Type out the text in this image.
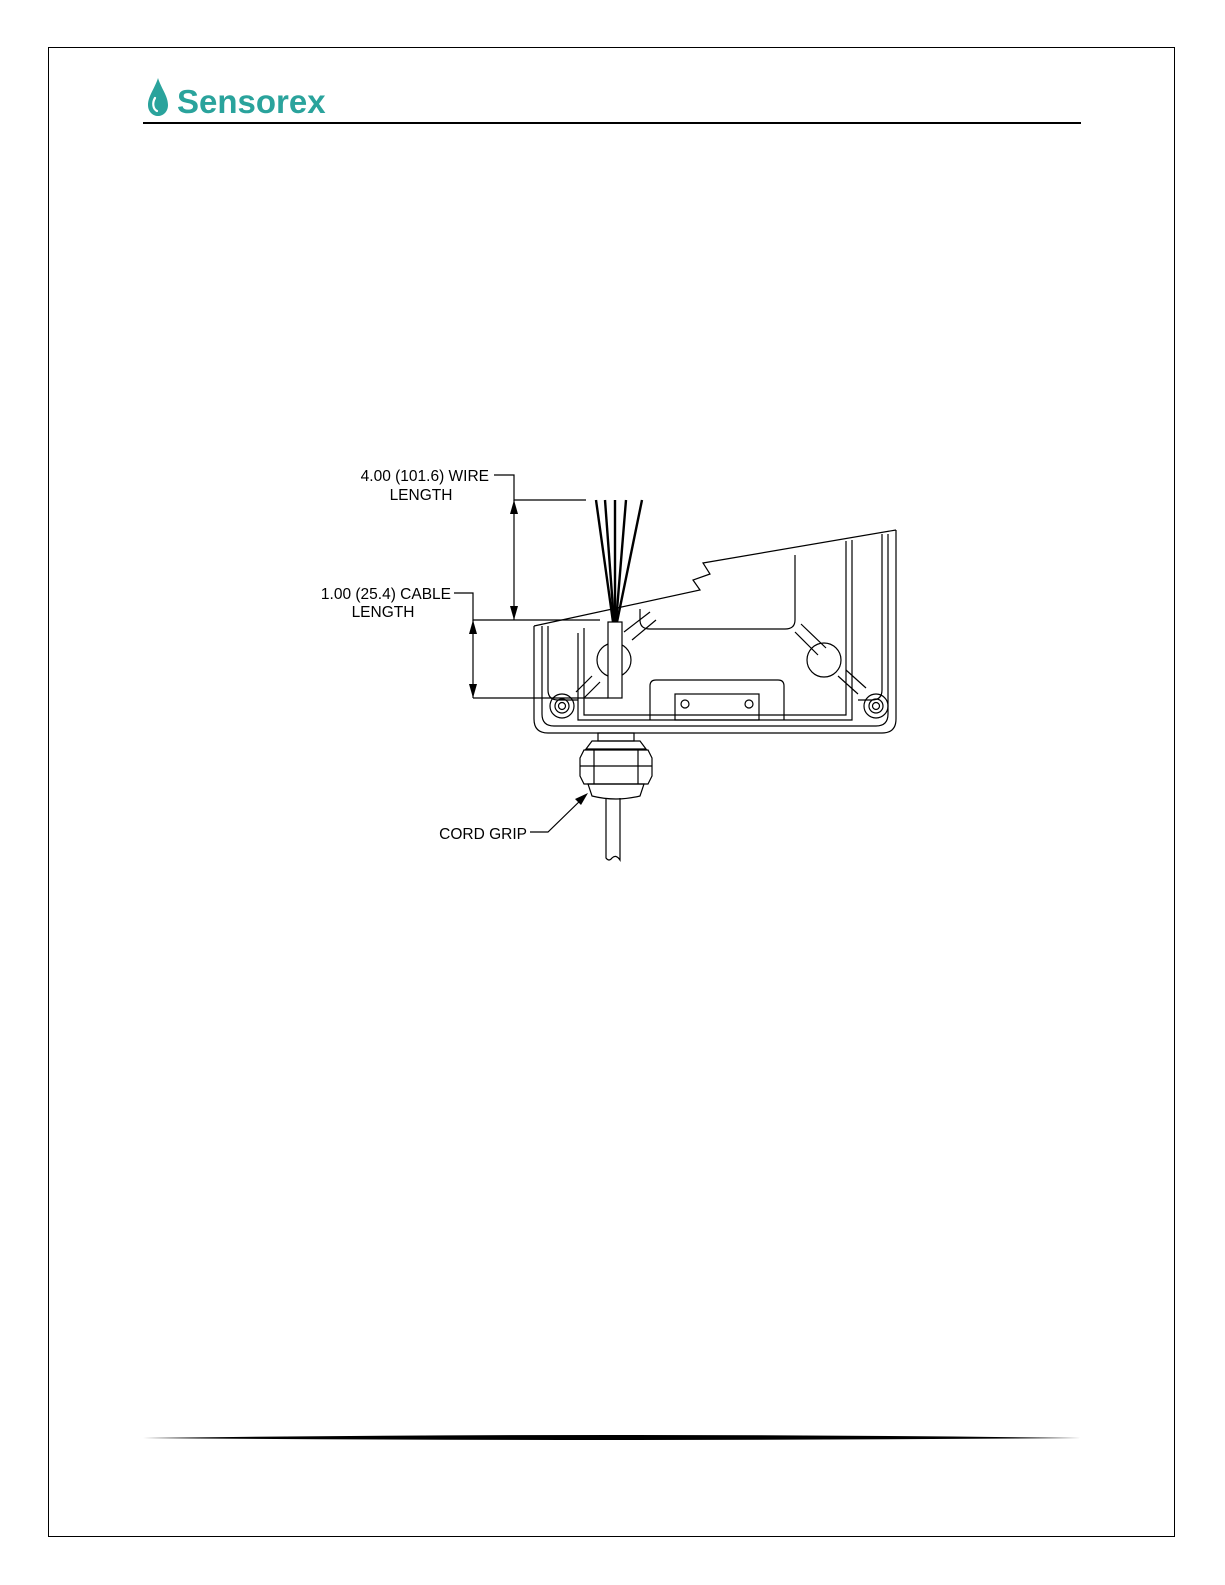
Sensorex
4.00 (101.6) WIRE
LENGTH
1.00 (25.4) CABLE
LENGTH
CORD GRIP
